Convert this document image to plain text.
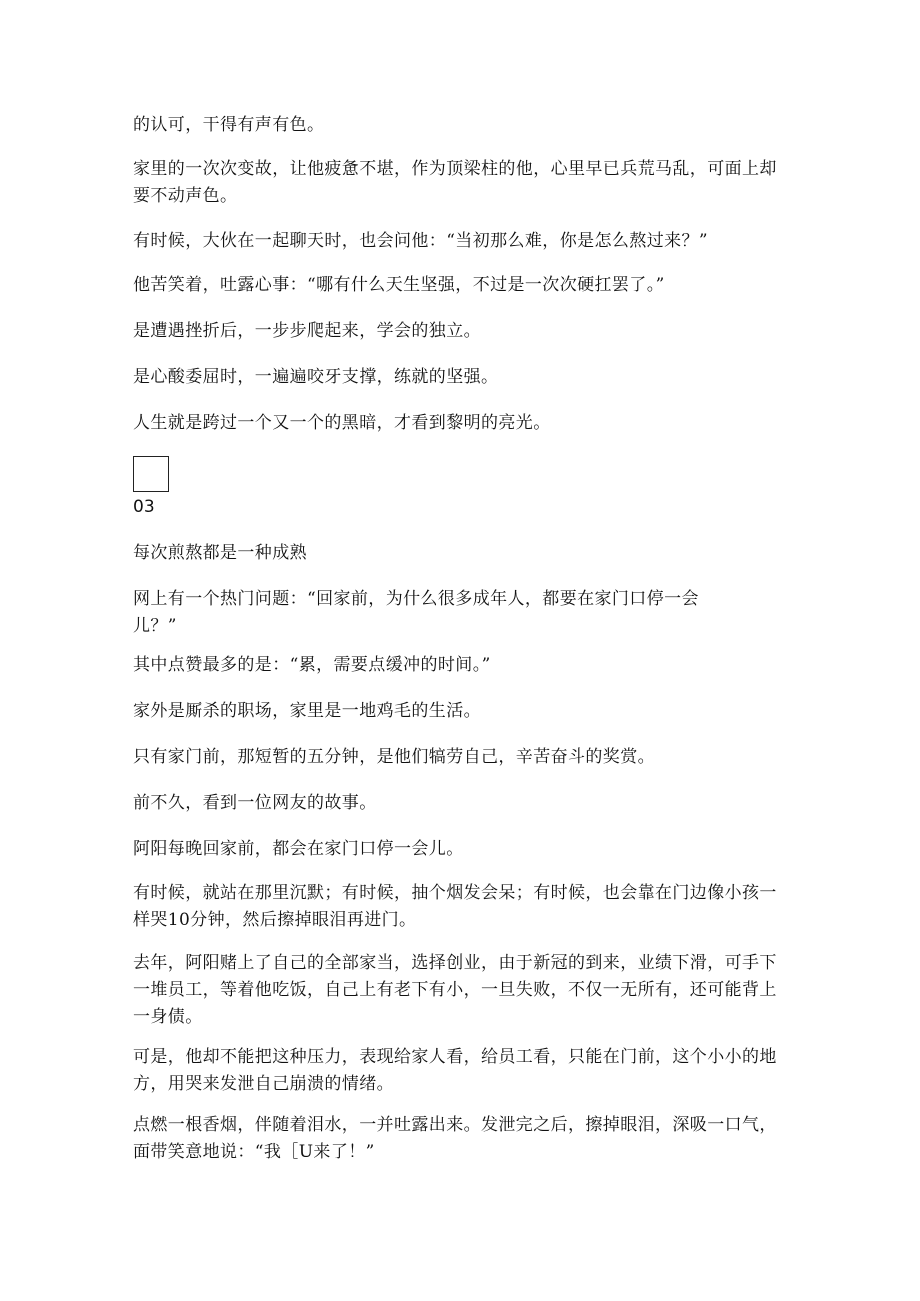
的认可，干得有声有色。

家里的一次次变故，让他疲惫不堪，作为顶梁柱的他，心里早已兵荒马乱，可面上却
要不动声色。

有时候，大伙在一起聊天时，也会问他：“当初那么难，你是怎么熬过来？”

他苦笑着，吐露心事：“哪有什么天生坚强，不过是一次次硬扛罢了。”

是遭遇挫折后，一步步爬起来，学会的独立。

是心酸委屈时，一遍遍咬牙支撑，练就的坚强。

人生就是跨过一个又一个的黑暗，才看到黎明的亮光。

03

每次煎熬都是一种成熟

网上有一个热门问题：“回家前，为什么很多成年人，都要在家门口停一会
儿？”

其中点赞最多的是：“累，需要点缓冲的时间。”

家外是厮杀的职场，家里是一地鸡毛的生活。

只有家门前，那短暂的五分钟，是他们犒劳自己，辛苦奋斗的奖赏。

前不久，看到一位网友的故事。

阿阳每晚回家前，都会在家门口停一会儿。

有时候，就站在那里沉默；有时候，抽个烟发会呆；有时候，也会靠在门边像小孩一
样哭10分钟，然后擦掉眼泪再进门。

去年，阿阳赌上了自己的全部家当，选择创业，由于新冠的到来，业绩下滑，可手下
一堆员工，等着他吃饭，自己上有老下有小，一旦失败，不仅一无所有，还可能背上
一身债。

可是，他却不能把这种压力，表现给家人看，给员工看，只能在门前，这个小小的地
方，用哭来发泄自己崩溃的情绪。

点燃一根香烟，伴随着泪水，一并吐露出来。发泄完之后，擦掉眼泪，深吸一口气，
面带笑意地说：“我［U来了！”
